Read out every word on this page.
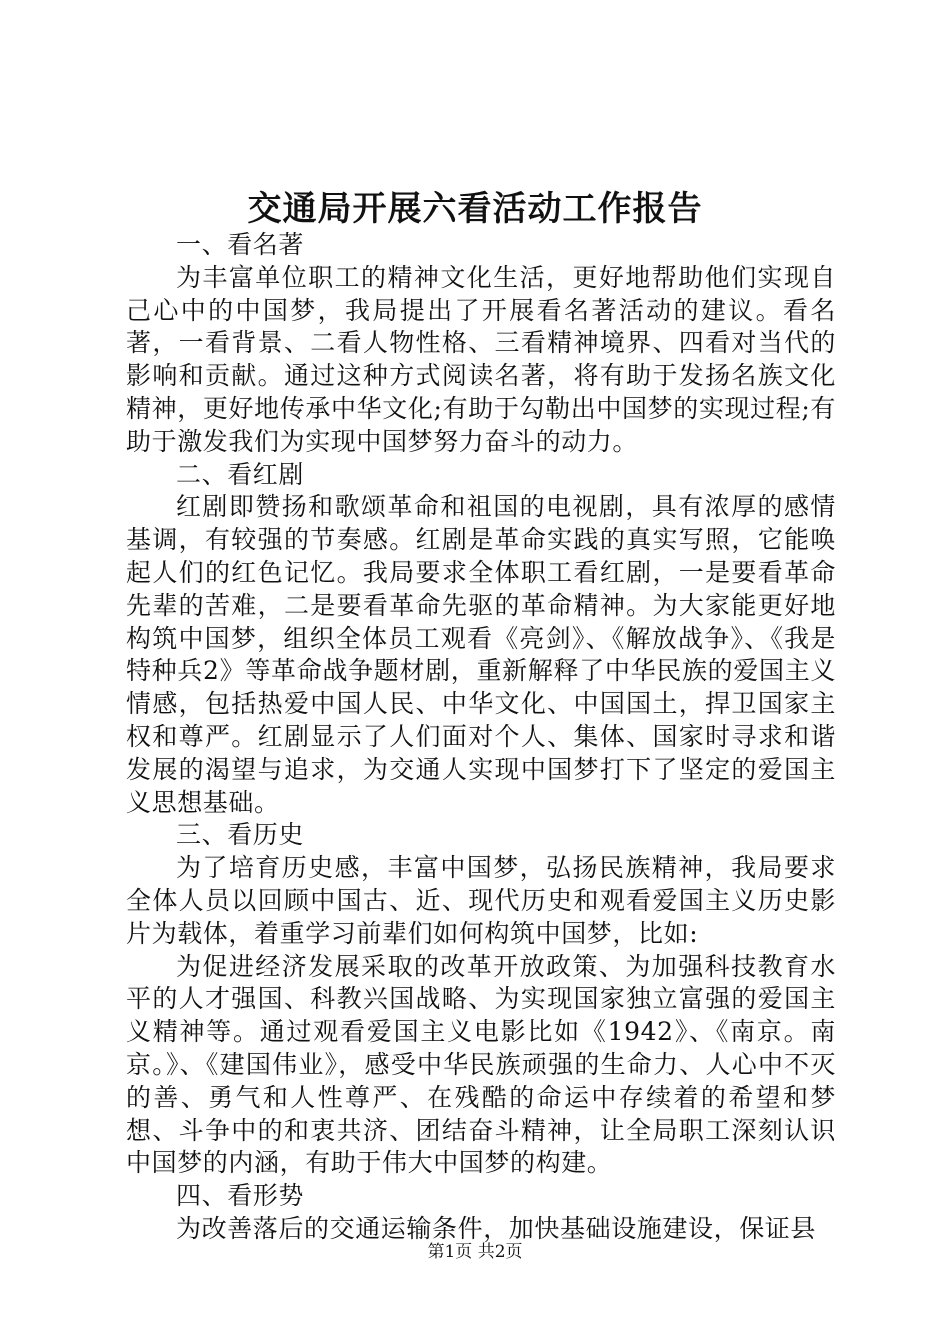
交通局开展六看活动工作报告
一、看名著

为丰富单位职工的精神文化生活，更好地帮助他们实现自己心中的中国梦，我局提出了开展看名著活动的建议。看名著，一看背景、二看人物性格、三看精神境界、四看对当代的影响和贡献。通过这种方式阅读名著，将有助于发扬名族文化精神，更好地传承中华文化;有助于勾勒出中国梦的实现过程;有助于激发我们为实现中国梦努力奋斗的动力。

二、看红剧

红剧即赞扬和歌颂革命和祖国的电视剧，具有浓厚的感情基调，有较强的节奏感。红剧是革命实践的真实写照，它能唤起人们的红色记忆。我局要求全体职工看红剧，一是要看革命先辈的苦难，二是要看革命先驱的革命精神。为大家能更好地构筑中国梦，组织全体员工观看《亮剑》、《解放战争》、《我是特种兵2》等革命战争题材剧，重新解释了中华民族的爱国主义情感，包括热爱中国人民、中华文化、中国国土，捍卫国家主权和尊严。红剧显示了人们面对个人、集体、国家时寻求和谐发展的渴望与追求，为交通人实现中国梦打下了坚定的爱国主义思想基础。

三、看历史

为了培育历史感，丰富中国梦，弘扬民族精神，我局要求全体人员以回顾中国古、近、现代历史和观看爱国主义历史影片为载体，着重学习前辈们如何构筑中国梦，比如:

为促进经济发展采取的改革开放政策、为加强科技教育水平的人才强国、科教兴国战略、为实现国家独立富强的爱国主义精神等。通过观看爱国主义电影比如《1942》、《南京。南京。》、《建国伟业》，感受中华民族顽强的生命力、人心中不灭的善、勇气和人性尊严、在残酷的命运中存续着的希望和梦想、斗争中的和衷共济、团结奋斗精神，让全局职工深刻认识中国梦的内涵，有助于伟大中国梦的构建。

四、看形势

为改善落后的交通运输条件，加快基础设施建设，保证县

第1页 共2页
